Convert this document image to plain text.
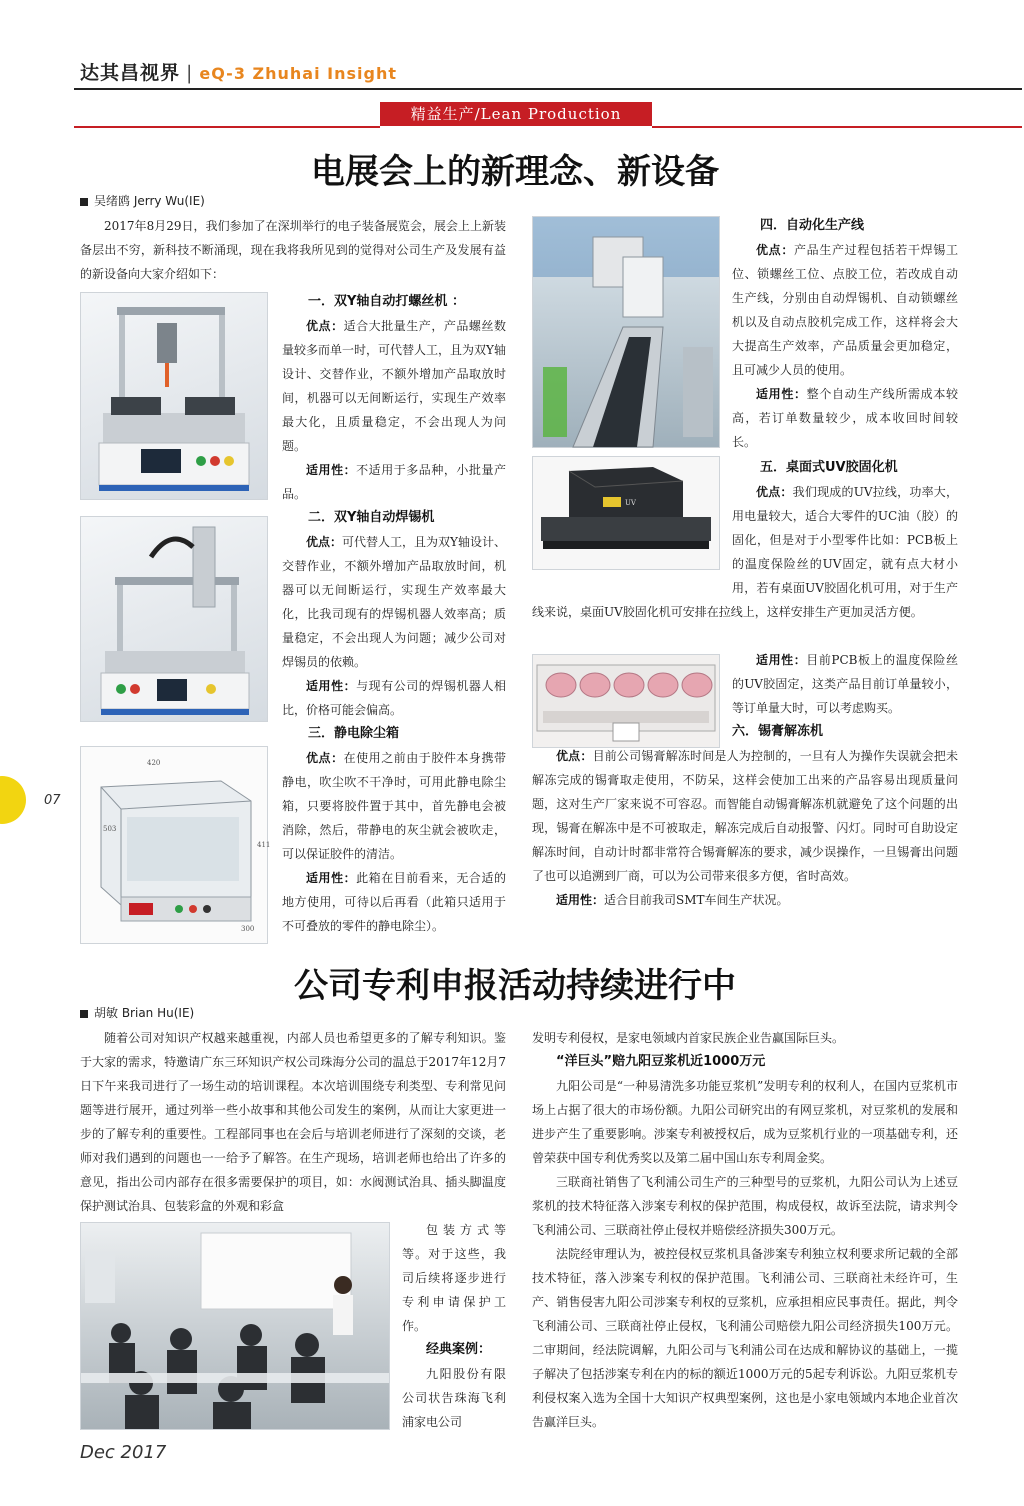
达其昌视界 | eQ-3 Zhuhai Insight
精益生产/Lean Production
电展会上的新理念、新设备
吴绪鸥 Jerry Wu(IE)

2017年8月29日，我们参加了在深圳举行的电子装备展览会，展会上上新装备层出不穷，新科技不断涌现，现在我将我所见到的觉得对公司生产及发展有益的新设备向大家介绍如下：

一．双Y轴自动打螺丝机 ：

优点：适合大批量生产，产品螺丝数量较多而单一时，可代替人工，且为双Y轴设计、交替作业，不额外增加产品取放时间，机器可以无间断运行，实现生产效率最大化，且质量稳定，不会出现人为问题。

适用性：不适用于多品种，小批量产品。

二．双Y轴自动焊锡机

优点：可代替人工，且为双Y轴设计、交替作业，不额外增加产品取放时间，机器可以无间断运行，实现生产效率最大化，比我司现有的焊锡机器人效率高；质量稳定，不会出现人为问题；减少公司对焊锡员的依赖。

适用性：与现有公司的焊锡机器人相比，价格可能会偏高。

420
503
411
300
三．静电除尘箱

优点：在使用之前由于胶件本身携带静电，吹尘吹不干净时，可用此静电除尘箱，只要将胶件置于其中，首先静电会被消除，然后，带静电的灰尘就会被吹走，可以保证胶件的清洁。

适用性：此箱在目前看来，无合适的地方使用，可待以后再看（此箱只适用于不可叠放的零件的静电除尘）。

四．自动化生产线

优点：产品生产过程包括若干焊锡工位、锁螺丝工位、点胶工位，若改成自动生产线，分别由自动焊锡机、自动锁螺丝机以及自动点胶机完成工作，这样将会大大提高生产效率，产品质量会更加稳定，且可减少人员的使用。

适用性：整个自动生产线所需成本较高，若订单数量较少，成本收回时间较长。

UV
五．桌面式UV胶固化机

优点：我们现成的UV拉线，功率大，用电量较大，适合大零件的UC油（胶）的固化，但是对于小型零件比如：PCB板上的温度保险丝的UV固定，就有点大材小用，若有桌面UV胶固化机可用，对于生产线来说，桌面UV胶固化机可安排在拉线上，这样安排生产更加灵活方便。

适用性：目前PCB板上的温度保险丝的UV胶固定，这类产品目前订单量较小，等订单量大时，可以考虑购买。

六．锡膏解冻机

优点：目前公司锡膏解冻时间是人为控制的，一旦有人为操作失误就会把未解冻完成的锡膏取走使用，不防呆，这样会使加工出来的产品容易出现质量问题，这对生产厂家来说不可容忍。而智能自动锡膏解冻机就避免了这个问题的出现，锡膏在解冻中是不可被取走，解冻完成后自动报警、闪灯。同时可自助设定解冻时间，自动计时都非常符合锡膏解冻的要求，减少误操作，一旦锡膏出问题了也可以追溯到厂商，可以为公司带来很多方便，省时高效。

适用性：适合目前我司SMT车间生产状况。

公司专利申报活动持续进行中
胡敏 Brian Hu(IE)

随着公司对知识产权越来越重视，内部人员也希望更多的了解专利知识。鉴于大家的需求，特邀请广东三环知识产权公司珠海分公司的温总于2017年12月7日下午来我司进行了一场生动的培训课程。本次培训围绕专利类型、专利常见问题等进行展开，通过列举一些小故事和其他公司发生的案例，从而让大家更进一步的了解专利的重要性。工程部同事也在会后与培训老师进行了深刻的交谈，老师对我们遇到的问题也一一给予了解答。在生产现场，培训老师也给出了许多的意见，指出公司内部存在很多需要保护的项目，如：水阀测试治具、插头脚温度保护测试治具、包装彩盒的外观和彩盒

包装方式等等。对于这些，我司后续将逐步进行专利申请保护工作。

经典案例：

九阳股份有限公司状告珠海飞利浦家电公司

发明专利侵权，是家电领域内首家民族企业告赢国际巨头。

“洋巨头”赔九阳豆浆机近1000万元

九阳公司是“一种易清洗多功能豆浆机”发明专利的权利人，在国内豆浆机市场上占据了很大的市场份额。九阳公司研究出的有网豆浆机，对豆浆机的发展和进步产生了重要影响。涉案专利被授权后，成为豆浆机行业的一项基础专利，还曾荣获中国专利优秀奖以及第二届中国山东专利周金奖。

三联商社销售了飞利浦公司生产的三种型号的豆浆机，九阳公司认为上述豆浆机的技术特征落入涉案专利权的保护范围，构成侵权，故诉至法院，请求判令飞利浦公司、三联商社停止侵权并赔偿经济损失300万元。

法院经审理认为，被控侵权豆浆机具备涉案专利独立权利要求所记载的全部技术特征，落入涉案专利权的保护范围。飞利浦公司、三联商社未经许可，生产、销售侵害九阳公司涉案专利权的豆浆机，应承担相应民事责任。据此，判令飞利浦公司、三联商社停止侵权，飞利浦公司赔偿九阳公司经济损失100万元。二审期间，经法院调解，九阳公司与飞利浦公司在达成和解协议的基础上，一揽子解决了包括涉案专利在内的标的额近1000万元的5起专利诉讼。九阳豆浆机专利侵权案入选为全国十大知识产权典型案例，这也是小家电领域内本地企业首次告赢洋巨头。

07
Dec 2017
